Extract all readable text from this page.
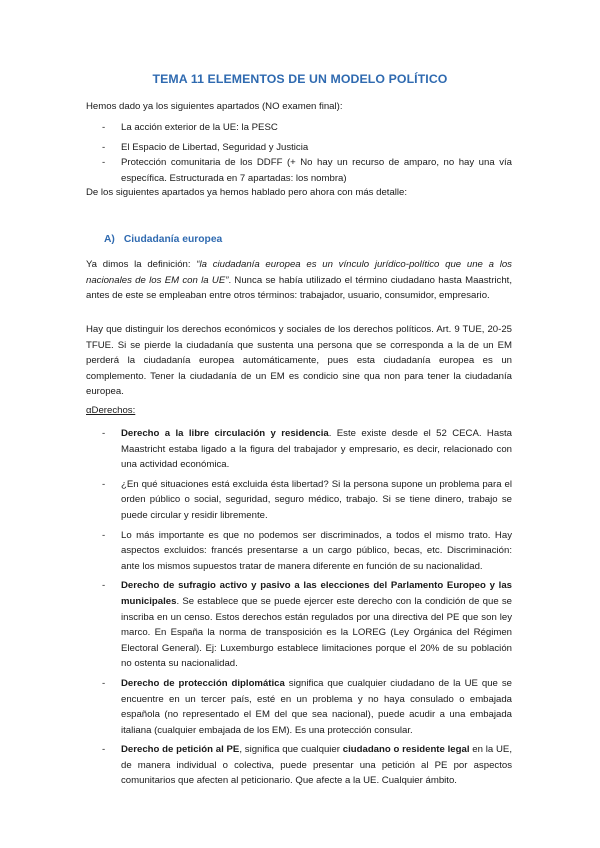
TEMA 11 ELEMENTOS DE UN MODELO POLÍTICO
Hemos dado ya los siguientes apartados (NO examen final):
- La acción exterior de la UE: la PESC
- El Espacio de Libertad, Seguridad y Justicia
- Protección comunitaria de los DDFF (+ No hay un recurso de amparo, no hay una vía específica. Estructurada en 7 apartadas: los nombra)
De los siguientes apartados ya hemos hablado pero ahora con más detalle:
A) Ciudadanía europea
Ya dimos la definición: “la ciudadanía europea es un vínculo jurídico-político que une a los nacionales de los EM con la UE”. Nunca se había utilizado el término ciudadano hasta Maastricht, antes de este se empleaban entre otros términos: trabajador, usuario, consumidor, empresario.
Hay que distinguir los derechos económicos y sociales de los derechos políticos. Art. 9 TUE, 20-25 TFUE. Si se pierde la ciudadanía que sustenta una persona que se corresponda a la de un EM perderá la ciudadanía europea automáticamente, pues esta ciudadanía europea es un complemento. Tener la ciudadanía de un EM es condicio sine qua non para tener la ciudadanía europea.
αDerechos:
- Derecho a la libre circulación y residencia. Este existe desde el 52 CECA. Hasta Maastricht estaba ligado a la figura del trabajador y empresario, es decir, relacionado con una actividad económica.
- ¿En qué situaciones está excluida ésta libertad? Si la persona supone un problema para el orden público o social, seguridad, seguro médico, trabajo. Si se tiene dinero, trabajo se puede circular y residir libremente.
- Lo más importante es que no podemos ser discriminados, a todos el mismo trato. Hay aspectos excluidos: francés presentarse a un cargo público, becas, etc. Discriminación: ante los mismos supuestos tratar de manera diferente en función de su nacionalidad.
- Derecho de sufragio activo y pasivo a las elecciones del Parlamento Europeo y las municipales. Se establece que se puede ejercer este derecho con la condición de que se inscriba en un censo. Estos derechos están regulados por una directiva del PE que son ley marco. En España la norma de transposición es la LOREG (Ley Orgánica del Régimen Electoral General). Ej: Luxemburgo establece limitaciones porque el 20% de su población no ostenta su nacionalidad.
- Derecho de protección diplomática significa que cualquier ciudadano de la UE que se encuentre en un tercer país, esté en un problema y no haya consulado o embajada española (no representado el EM del que sea nacional), puede acudir a una embajada italiana (cualquier embajada de los EM). Es una protección consular.
- Derecho de petición al PE, significa que cualquier ciudadano o residente legal en la UE, de manera individual o colectiva, puede presentar una petición al PE por aspectos comunitarios que afecten al peticionario. Que afecte a la UE. Cualquier ámbito.
